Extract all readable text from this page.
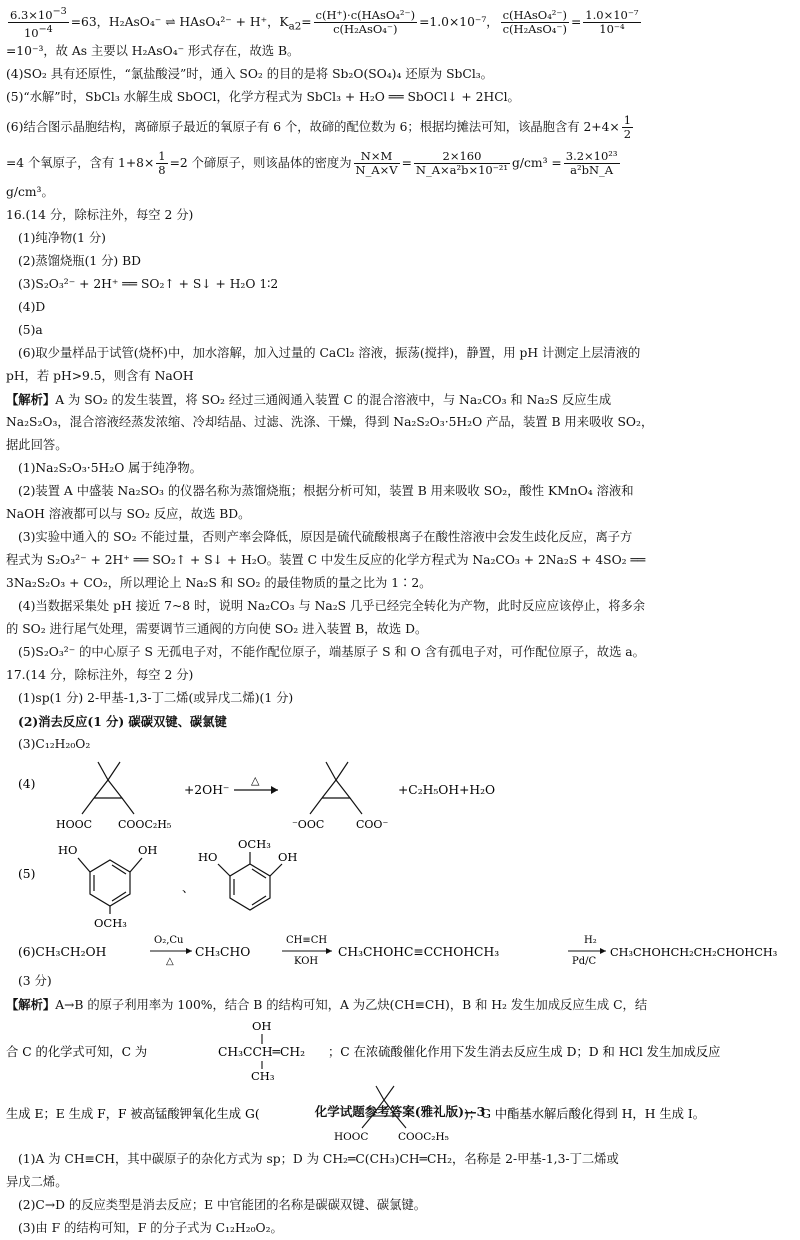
$\frac{6.3\times 10^{-3}}{10^{-4}} =63$，H₂AsO₄⁻ ⇌ HAsO₄²⁻ + H⁺，$K_{a2}= \frac{\text{c(H⁺)·c(HAsO₄²⁻)}}{\text{c(H₂AsO₄⁻)}} =1.0\times 10^{-7}$， $\frac{\text{c(HAsO₄²⁻)}}{\text{c(H₂AsO₄⁻)}} = \frac{\text{1.0×10⁻⁷}}{\text{10⁻⁴}}$
=10⁻³，故 As 主要以 H₂AsO₄⁻ 形式存在，故选 B。
(4)SO₂ 具有还原性，“氯盐酸浸”时，通入 SO₂ 的目的是将 Sb₂O(SO₄)₄ 还原为 SbCl₃。
(5)“水解”时，SbCl₃ 水解生成 SbOCl，化学方程式为 SbCl₃ + H₂O ══ SbOCl↓ + 2HCl。
(6)结合图示晶胞结构，离碲原子最近的氧原子有 6 个，故碲的配位数为 6；根据均摊法可知，该晶胞含有 $2+4\times \frac{1}{2}$
=4 个氧原子，含有 $1+8\times \frac{1}{8} =2$ 个碲原子，则该晶体的密度为 $\frac{N\times M}{N\_A\times V} = \frac{2\times 160}{\text{N\_A×a²b×10⁻²¹}} g/cm^3 = \frac{\text{3.2×10²³}}{\text{a²bN\_A}}$
g/cm³。
16.(14 分，除标注外，每空 2 分)
(1)纯净物(1 分)
(2)蒸馏烧瓶(1 分) BD
(3)S₂O₃²⁻ + 2H⁺ ══ SO₂↑ + S↓ + H₂O 1∶2
(4)D
(5)a
(6)取少量样品于试管(烧杯)中，加水溶解，加入过量的 CaCl₂ 溶液，振荡(搅拌)，静置，用 pH 计测定上层清液的
pH，若 pH>9.5，则含有 NaOH
【解析】A 为 SO₂ 的发生装置，将 SO₂ 经过三通阀通入装置 C 的混合溶液中，与 Na₂CO₃ 和 Na₂S 反应生成
Na₂S₂O₃，混合溶液经蒸发浓缩、冷却结晶、过滤、洗涤、干燥，得到 Na₂S₂O₃·5H₂O 产品，装置 B 用来吸收 SO₂，
据此回答。
(1)Na₂S₂O₃·5H₂O 属于纯净物。
(2)装置 A 中盛装 Na₂SO₃ 的仪器名称为蒸馏烧瓶；根据分析可知，装置 B 用来吸收 SO₂，酸性 KMnO₄ 溶液和
NaOH 溶液都可以与 SO₂ 反应，故选 BD。
(3)实验中通入的 SO₂ 不能过量，否则产率会降低，原因是硫代硫酸根离子在酸性溶液中会发生歧化反应，离子方
程式为 S₂O₃²⁻ + 2H⁺ ══ SO₂↑ + S↓ + H₂O。装置 C 中发生反应的化学方程式为 Na₂CO₃ + 2Na₂S + 4SO₂ ══
3Na₂S₂O₃ + CO₂，所以理论上 Na₂S 和 SO₂ 的最佳物质的量之比为 1∶2。
(4)当数据采集处 pH 接近 7~8 时，说明 Na₂CO₃ 与 Na₂S 几乎已经完全转化为产物，此时反应应该停止，将多余
的 SO₂ 进行尾气处理，需要调节三通阀的方向使 SO₂ 进入装置 B，故选 D。
(5)S₂O₃²⁻ 的中心原子 S 无孤电子对，不能作配位原子，端基原子 S 和 O 含有孤电子对，可作配位原子，故选 a。
17.(14 分，除标注外，每空 2 分)
(1)sp(1 分) 2-甲基-1,3-丁二烯(或异戊二烯)(1 分)
(2)消去反应(1 分) 碳碳双键、碳氯键
(3)C₁₂H₂₀O₂
(4)
HOOC COOC₂H₅
+2OH⁻
△
⁻OOC	COO⁻
+C₂H₅OH+H₂O
(5)
HO	OH
OCH₃
、
HO	OH
OCH₃
(6)CH₃CH₂OH
O₂,Cu
△
CH₃CHO
CH≡CH
KOH
CH₃CHOHC≡CCHOHCH₃
H₂
Pd/C
CH₃CHOHCH₂CH₂CHOHCH₃
(3 分)
【解析】A→B 的原子利用率为 100%，结合 B 的结构可知，A 为乙炔(CH≡CH)，B 和 H₂ 发生加成反应生成 C，结
OH
合 C 的化学式可知，C 为	CH₃CCH═CH₂ ；C 在浓硫酸催化作用下发生消去反应生成 D；D 和 HCl 发生加成反应
CH₃
生成 E；E 生成 F，F 被高锰酸钾氧化生成 G(
HOOC	COOC₂H₅
)；G 中酯基水解后酸化得到 H，H 生成 I。
(1)A 为 CH≡CH，其中碳原子的杂化方式为 sp；D 为 CH₂═C(CH₃)CH═CH₂，名称是 2-甲基-1,3-丁二烯或
异戊二烯。
(2)C→D 的反应类型是消去反应；E 中官能团的名称是碳碳双键、碳氯键。
(3)由 F 的结构可知，F 的分子式为 C₁₂H₂₀O₂。
化学试题参考答案(雅礼版)—3
